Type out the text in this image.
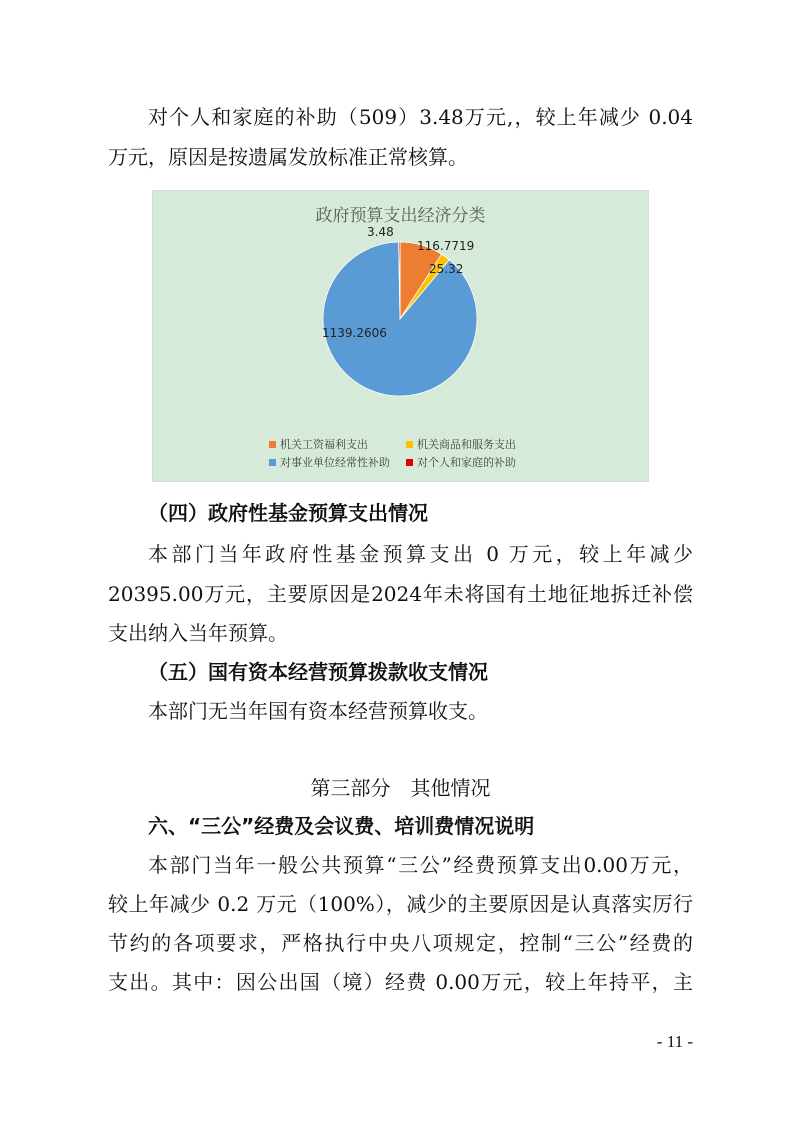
对个人和家庭的补助（509）3.48万元,，较上年减少 0.04

万元，原因是按遗属发放标准正常核算。

政府预算支出经济分类
116.7719
25.32
1139.2606
3.48
机关工资福利支出	机关商品和服务支出
对事业单位经常性补助	对个人和家庭的补助

（四）政府性基金预算支出情况

本部门当年政府性基金预算支出 0 万元，较上年减少

20395.00万元，主要原因是2024年未将国有土地征地拆迁补偿

支出纳入当年预算。

（五）国有资本经营预算拨款收支情况

本部门无当年国有资本经营预算收支。

第三部分　其他情况

六、“三公”经费及会议费、培训费情况说明

本部门当年一般公共预算“三公”经费预算支出0.00万元，

较上年减少 0.2 万元（100%），减少的主要原因是认真落实厉行

节约的各项要求，严格执行中央八项规定，控制“三公”经费的

支出。其中：因公出国（境）经费 0.00万元，较上年持平，主

- 11 -
